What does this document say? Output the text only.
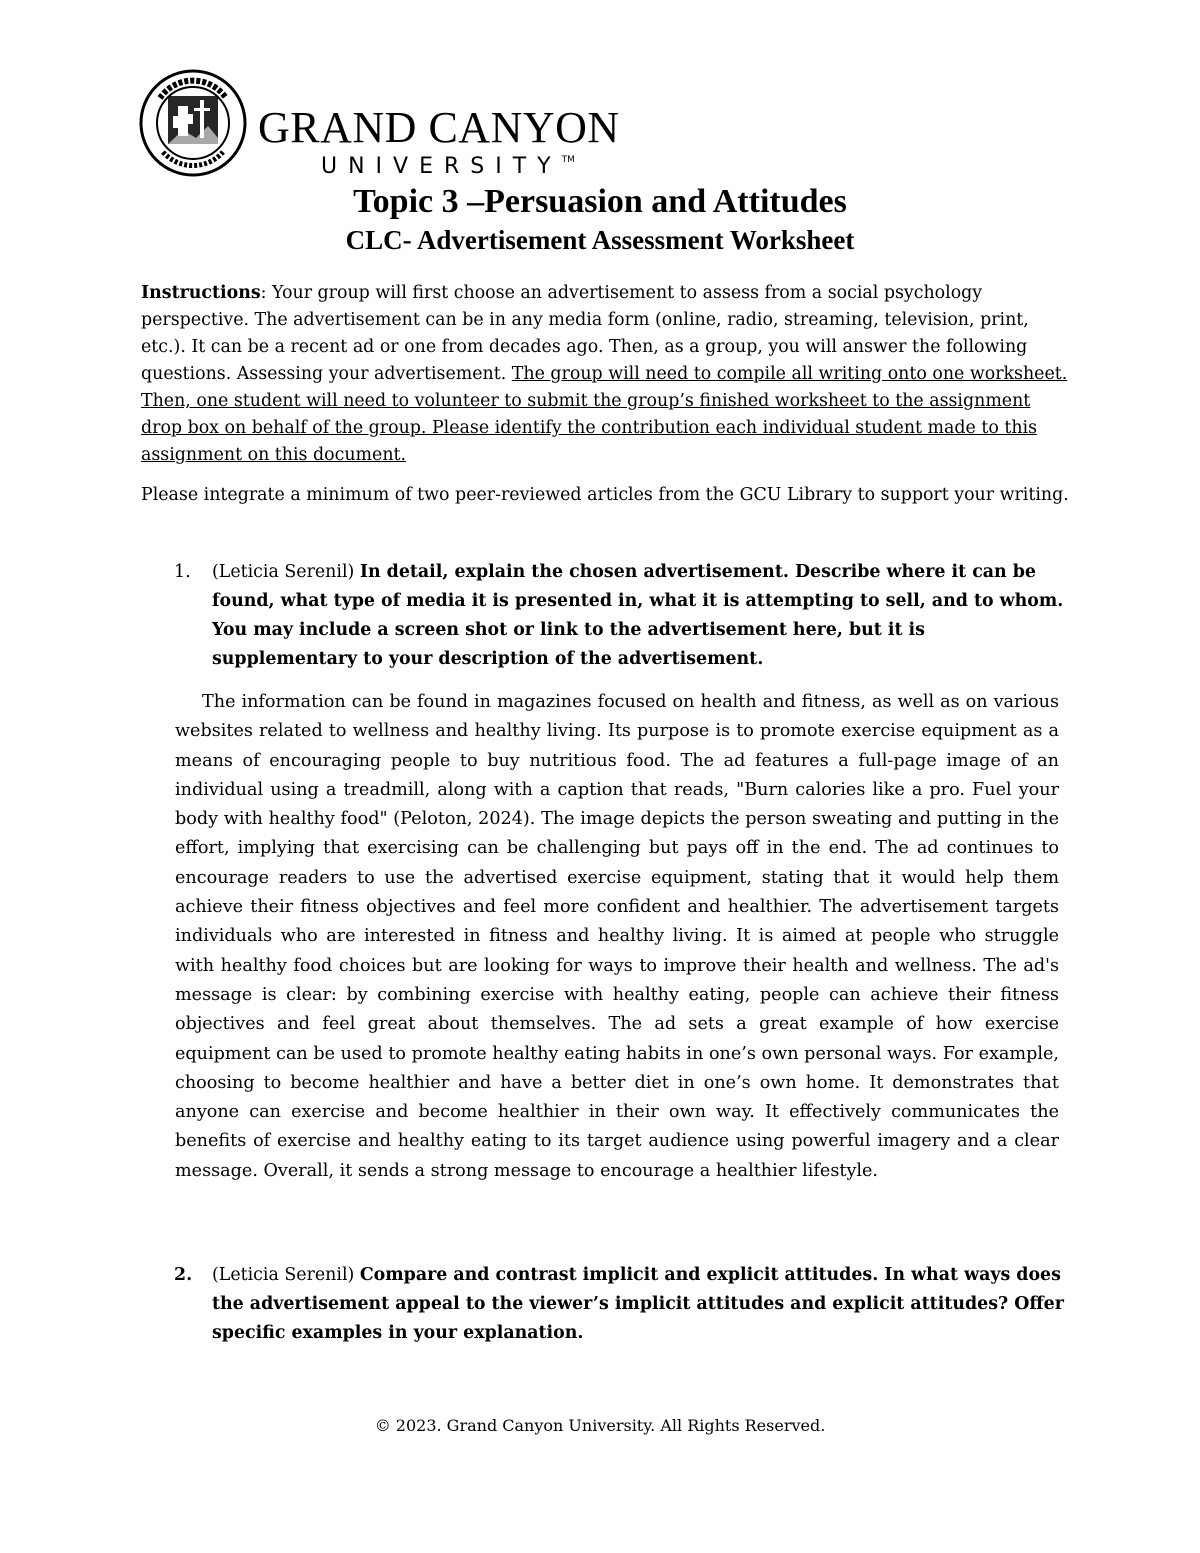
GRAND CANYON
UNIVERSITY™
Topic 3 –Persuasion and Attitudes
CLC- Advertisement Assessment Worksheet

Instructions: Your group will first choose an advertisement to assess from a social psychology perspective. The advertisement can be in any media form (online, radio, streaming, television, print, etc.). It can be a recent ad or one from decades ago. Then, as a group, you will answer the following questions. Assessing your advertisement. The group will need to compile all writing onto one worksheet. Then, one student will need to volunteer to submit the group’s finished worksheet to the assignment drop box on behalf of the group. Please identify the contribution each individual student made to this assignment on this document.

Please integrate a minimum of two peer-reviewed articles from the GCU Library to support your writing.

1. (Leticia Serenil) In detail, explain the chosen advertisement. Describe where it can be found, what type of media it is presented in, what it is attempting to sell, and to whom. You may include a screen shot or link to the advertisement here, but it is supplementary to your description of the advertisement.

The information can be found in magazines focused on health and fitness, as well as on various websites related to wellness and healthy living. Its purpose is to promote exercise equipment as a means of encouraging people to buy nutritious food. The ad features a full-page image of an individual using a treadmill, along with a caption that reads, "Burn calories like a pro. Fuel your body with healthy food" (Peloton, 2024). The image depicts the person sweating and putting in the effort, implying that exercising can be challenging but pays off in the end. The ad continues to encourage readers to use the advertised exercise equipment, stating that it would help them achieve their fitness objectives and feel more confident and healthier. The advertisement targets individuals who are interested in fitness and healthy living. It is aimed at people who struggle with healthy food choices but are looking for ways to improve their health and wellness. The ad's message is clear: by combining exercise with healthy eating, people can achieve their fitness objectives and feel great about themselves. The ad sets a great example of how exercise equipment can be used to promote healthy eating habits in one’s own personal ways. For example, choosing to become healthier and have a better diet in one’s own home. It demonstrates that anyone can exercise and become healthier in their own way. It effectively communicates the benefits of exercise and healthy eating to its target audience using powerful imagery and a clear message. Overall, it sends a strong message to encourage a healthier lifestyle.

2. (Leticia Serenil) Compare and contrast implicit and explicit attitudes. In what ways does the advertisement appeal to the viewer’s implicit attitudes and explicit attitudes? Offer specific examples in your explanation.
© 2023. Grand Canyon University. All Rights Reserved.
